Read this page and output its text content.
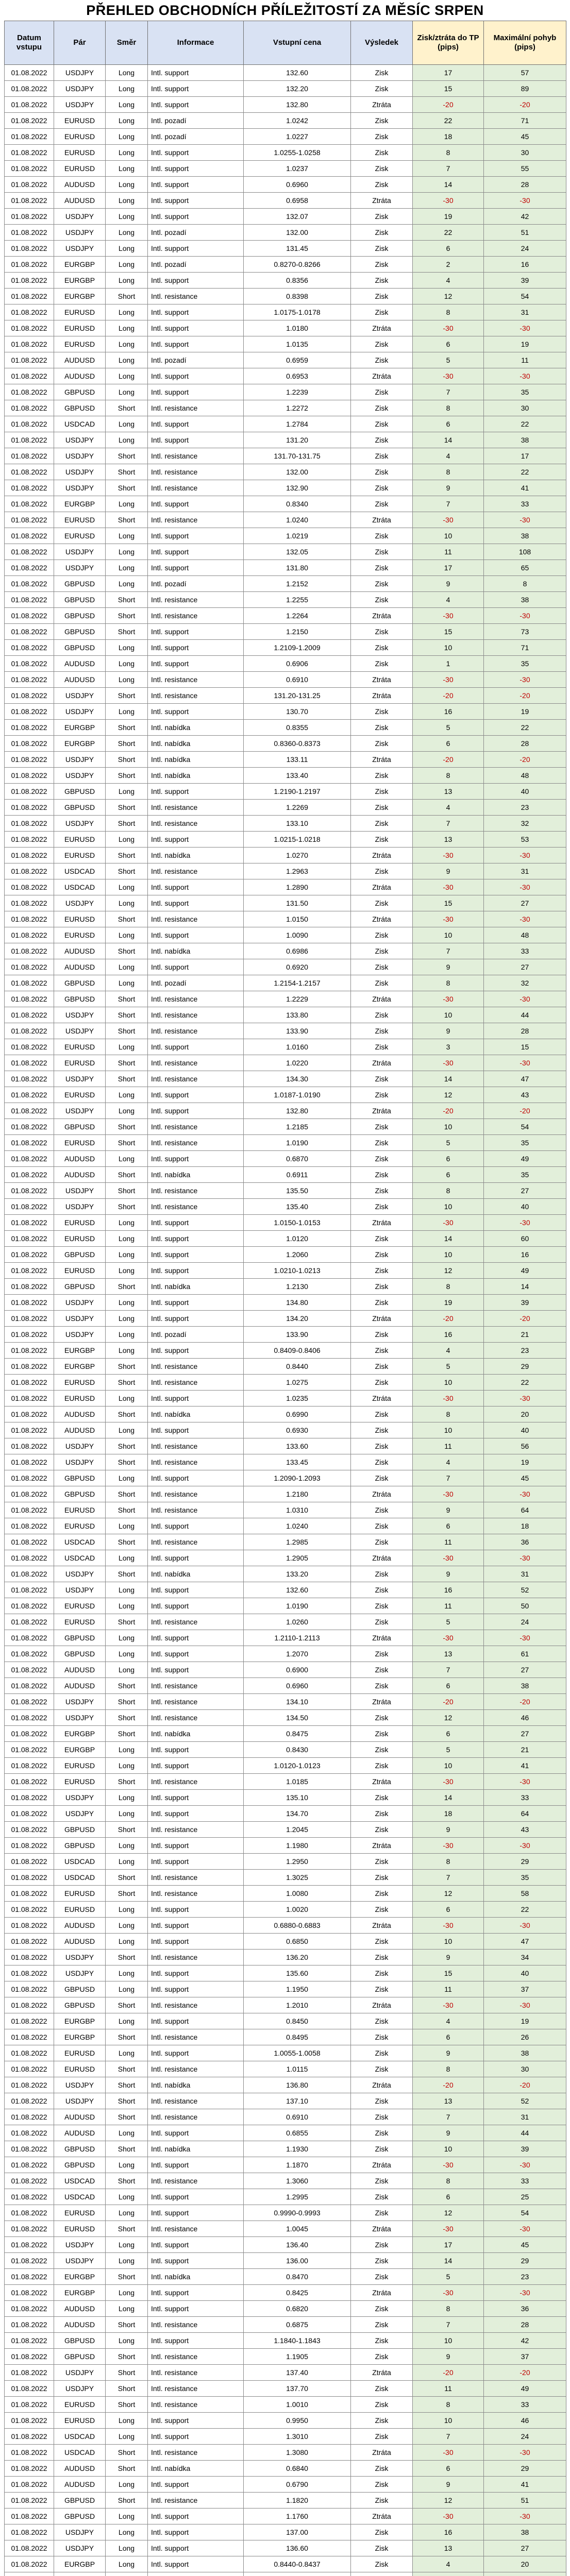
PŘEHLED OBCHODNÍCH PŘÍLEŽITOSTÍ ZA MĚSÍC SRPEN
Datum vstupu	Pár	Směr	Informace	Vstupní cena	Výsledek	Zisk/ztráta do TP (pips)	Maximální pohyb (pips)
01.08.2022	USDJPY	Long	Intl. support	132.60	Zisk	17	57
01.08.2022	USDJPY	Long	Intl. support	132.20	Zisk	15	89
01.08.2022	USDJPY	Long	Intl. support	132.80	Ztráta	-20	-20
01.08.2022	EURUSD	Long	Intl. pozadí	1.0242	Zisk	22	71
01.08.2022	EURUSD	Long	Intl. pozadí	1.0227	Zisk	18	45
01.08.2022	EURUSD	Long	Intl. support	1.0255-1.0258	Zisk	8	30
01.08.2022	EURUSD	Long	Intl. support	1.0237	Zisk	7	55
01.08.2022	AUDUSD	Long	Intl. support	0.6960	Zisk	14	28
01.08.2022	AUDUSD	Long	Intl. support	0.6958	Ztráta	-30	-30
01.08.2022	USDJPY	Long	Intl. support	132.07	Zisk	19	42
01.08.2022	USDJPY	Long	Intl. pozadí	132.00	Zisk	22	51
01.08.2022	USDJPY	Long	Intl. support	131.45	Zisk	6	24
01.08.2022	EURGBP	Long	Intl. pozadí	0.8270-0.8266	Zisk	2	16
01.08.2022	EURGBP	Long	Intl. support	0.8356	Zisk	4	39
01.08.2022	EURGBP	Short	Intl. resistance	0.8398	Zisk	12	54
01.08.2022	EURUSD	Long	Intl. support	1.0175-1.0178	Zisk	8	31
01.08.2022	EURUSD	Long	Intl. support	1.0180	Ztráta	-30	-30
01.08.2022	EURUSD	Long	Intl. support	1.0135	Zisk	6	19
01.08.2022	AUDUSD	Long	Intl. pozadí	0.6959	Zisk	5	11
01.08.2022	AUDUSD	Long	Intl. support	0.6953	Ztráta	-30	-30
01.08.2022	GBPUSD	Long	Intl. support	1.2239	Zisk	7	35
01.08.2022	GBPUSD	Short	Intl. resistance	1.2272	Zisk	8	30
01.08.2022	USDCAD	Long	Intl. support	1.2784	Zisk	6	22
01.08.2022	USDJPY	Long	Intl. support	131.20	Zisk	14	38
01.08.2022	USDJPY	Short	Intl. resistance	131.70-131.75	Zisk	4	17
01.08.2022	USDJPY	Short	Intl. resistance	132.00	Zisk	8	22
01.08.2022	USDJPY	Short	Intl. resistance	132.90	Zisk	9	41
01.08.2022	EURGBP	Long	Intl. support	0.8340	Zisk	7	33
01.08.2022	EURUSD	Short	Intl. resistance	1.0240	Ztráta	-30	-30
01.08.2022	EURUSD	Long	Intl. support	1.0219	Zisk	10	38
01.08.2022	USDJPY	Long	Intl. support	132.05	Zisk	11	108
01.08.2022	USDJPY	Long	Intl. support	131.80	Zisk	17	65
01.08.2022	GBPUSD	Long	Intl. pozadí	1.2152	Zisk	9	8
01.08.2022	GBPUSD	Short	Intl. resistance	1.2255	Zisk	4	38
01.08.2022	GBPUSD	Short	Intl. resistance	1.2264	Ztráta	-30	-30
01.08.2022	GBPUSD	Short	Intl. support	1.2150	Zisk	15	73
01.08.2022	GBPUSD	Long	Intl. support	1.2109-1.2009	Zisk	10	71
01.08.2022	AUDUSD	Long	Intl. support	0.6906	Zisk	1	35
01.08.2022	AUDUSD	Long	Intl. resistance	0.6910	Ztráta	-30	-30
01.08.2022	USDJPY	Short	Intl. resistance	131.20-131.25	Ztráta	-20	-20
01.08.2022	USDJPY	Long	Intl. support	130.70	Zisk	16	19
01.08.2022	EURGBP	Short	Intl. nabídka	0.8355	Zisk	5	22
01.08.2022	EURGBP	Short	Intl. nabídka	0.8360-0.8373	Zisk	6	28
01.08.2022	USDJPY	Short	Intl. nabídka	133.11	Ztráta	-20	-20
01.08.2022	USDJPY	Short	Intl. nabídka	133.40	Zisk	8	48
01.08.2022	GBPUSD	Long	Intl. support	1.2190-1.2197	Zisk	13	40
01.08.2022	GBPUSD	Short	Intl. resistance	1.2269	Zisk	4	23
01.08.2022	USDJPY	Short	Intl. resistance	133.10	Zisk	7	32
01.08.2022	EURUSD	Long	Intl. support	1.0215-1.0218	Zisk	13	53
01.08.2022	EURUSD	Short	Intl. nabídka	1.0270	Ztráta	-30	-30
01.08.2022	USDCAD	Short	Intl. resistance	1.2963	Zisk	9	31
01.08.2022	USDCAD	Long	Intl. support	1.2890	Ztráta	-30	-30
01.08.2022	USDJPY	Long	Intl. support	131.50	Zisk	15	27
01.08.2022	EURUSD	Short	Intl. resistance	1.0150	Ztráta	-30	-30
01.08.2022	EURUSD	Long	Intl. support	1.0090	Zisk	10	48
01.08.2022	AUDUSD	Short	Intl. nabídka	0.6986	Zisk	7	33
01.08.2022	AUDUSD	Long	Intl. support	0.6920	Zisk	9	27
01.08.2022	GBPUSD	Long	Intl. pozadí	1.2154-1.2157	Zisk	8	32
01.08.2022	GBPUSD	Short	Intl. resistance	1.2229	Ztráta	-30	-30
01.08.2022	USDJPY	Short	Intl. resistance	133.80	Zisk	10	44
01.08.2022	USDJPY	Short	Intl. resistance	133.90	Zisk	9	28
01.08.2022	EURUSD	Long	Intl. support	1.0160	Zisk	3	15
01.08.2022	EURUSD	Short	Intl. resistance	1.0220	Ztráta	-30	-30
01.08.2022	USDJPY	Short	Intl. resistance	134.30	Zisk	14	47
01.08.2022	EURUSD	Long	Intl. support	1.0187-1.0190	Zisk	12	43
01.08.2022	USDJPY	Long	Intl. support	132.80	Ztráta	-20	-20
01.08.2022	GBPUSD	Short	Intl. resistance	1.2185	Zisk	10	54
01.08.2022	EURUSD	Short	Intl. resistance	1.0190	Zisk	5	35
01.08.2022	AUDUSD	Long	Intl. support	0.6870	Zisk	6	49
01.08.2022	AUDUSD	Short	Intl. nabídka	0.6911	Zisk	6	35
01.08.2022	USDJPY	Short	Intl. resistance	135.50	Zisk	8	27
01.08.2022	USDJPY	Short	Intl. resistance	135.40	Zisk	10	40
01.08.2022	EURUSD	Long	Intl. support	1.0150-1.0153	Ztráta	-30	-30
01.08.2022	EURUSD	Long	Intl. support	1.0120	Zisk	14	60
01.08.2022	GBPUSD	Long	Intl. support	1.2060	Zisk	10	16
01.08.2022	EURUSD	Long	Intl. support	1.0210-1.0213	Zisk	12	49
01.08.2022	GBPUSD	Short	Intl. nabídka	1.2130	Zisk	8	14
01.08.2022	USDJPY	Long	Intl. support	134.80	Zisk	19	39
01.08.2022	USDJPY	Long	Intl. support	134.20	Ztráta	-20	-20
01.08.2022	USDJPY	Long	Intl. pozadí	133.90	Zisk	16	21
01.08.2022	EURGBP	Long	Intl. support	0.8409-0.8406	Zisk	4	23
01.08.2022	EURGBP	Short	Intl. resistance	0.8440	Zisk	5	29
01.08.2022	EURUSD	Short	Intl. resistance	1.0275	Zisk	10	22
01.08.2022	EURUSD	Long	Intl. support	1.0235	Ztráta	-30	-30
01.08.2022	AUDUSD	Short	Intl. nabídka	0.6990	Zisk	8	20
01.08.2022	AUDUSD	Long	Intl. support	0.6930	Zisk	10	40
01.08.2022	USDJPY	Short	Intl. resistance	133.60	Zisk	11	56
01.08.2022	USDJPY	Short	Intl. resistance	133.45	Zisk	4	19
01.08.2022	GBPUSD	Long	Intl. support	1.2090-1.2093	Zisk	7	45
01.08.2022	GBPUSD	Short	Intl. resistance	1.2180	Ztráta	-30	-30
01.08.2022	EURUSD	Short	Intl. resistance	1.0310	Zisk	9	64
01.08.2022	EURUSD	Long	Intl. support	1.0240	Zisk	6	18
01.08.2022	USDCAD	Short	Intl. resistance	1.2985	Zisk	11	36
01.08.2022	USDCAD	Long	Intl. support	1.2905	Ztráta	-30	-30
01.08.2022	USDJPY	Short	Intl. nabídka	133.20	Zisk	9	31
01.08.2022	USDJPY	Long	Intl. support	132.60	Zisk	16	52
01.08.2022	EURUSD	Long	Intl. support	1.0190	Zisk	11	50
01.08.2022	EURUSD	Short	Intl. resistance	1.0260	Zisk	5	24
01.08.2022	GBPUSD	Long	Intl. support	1.2110-1.2113	Ztráta	-30	-30
01.08.2022	GBPUSD	Long	Intl. support	1.2070	Zisk	13	61
01.08.2022	AUDUSD	Long	Intl. support	0.6900	Zisk	7	27
01.08.2022	AUDUSD	Short	Intl. resistance	0.6960	Zisk	6	38
01.08.2022	USDJPY	Short	Intl. resistance	134.10	Ztráta	-20	-20
01.08.2022	USDJPY	Short	Intl. resistance	134.50	Zisk	12	46
01.08.2022	EURGBP	Short	Intl. nabídka	0.8475	Zisk	6	27
01.08.2022	EURGBP	Long	Intl. support	0.8430	Zisk	5	21
01.08.2022	EURUSD	Long	Intl. support	1.0120-1.0123	Zisk	10	41
01.08.2022	EURUSD	Short	Intl. resistance	1.0185	Ztráta	-30	-30
01.08.2022	USDJPY	Long	Intl. support	135.10	Zisk	14	33
01.08.2022	USDJPY	Long	Intl. support	134.70	Zisk	18	64
01.08.2022	GBPUSD	Short	Intl. resistance	1.2045	Zisk	9	43
01.08.2022	GBPUSD	Long	Intl. support	1.1980	Ztráta	-30	-30
01.08.2022	USDCAD	Long	Intl. support	1.2950	Zisk	8	29
01.08.2022	USDCAD	Short	Intl. resistance	1.3025	Zisk	7	35
01.08.2022	EURUSD	Short	Intl. resistance	1.0080	Zisk	12	58
01.08.2022	EURUSD	Long	Intl. support	1.0020	Zisk	6	22
01.08.2022	AUDUSD	Long	Intl. support	0.6880-0.6883	Ztráta	-30	-30
01.08.2022	AUDUSD	Long	Intl. support	0.6850	Zisk	10	47
01.08.2022	USDJPY	Short	Intl. resistance	136.20	Zisk	9	34
01.08.2022	USDJPY	Long	Intl. support	135.60	Zisk	15	40
01.08.2022	GBPUSD	Long	Intl. support	1.1950	Zisk	11	37
01.08.2022	GBPUSD	Short	Intl. resistance	1.2010	Ztráta	-30	-30
01.08.2022	EURGBP	Long	Intl. support	0.8450	Zisk	4	19
01.08.2022	EURGBP	Short	Intl. resistance	0.8495	Zisk	6	26
01.08.2022	EURUSD	Long	Intl. support	1.0055-1.0058	Zisk	9	38
01.08.2022	EURUSD	Short	Intl. resistance	1.0115	Zisk	8	30
01.08.2022	USDJPY	Short	Intl. nabídka	136.80	Ztráta	-20	-20
01.08.2022	USDJPY	Short	Intl. resistance	137.10	Zisk	13	52
01.08.2022	AUDUSD	Short	Intl. resistance	0.6910	Zisk	7	31
01.08.2022	AUDUSD	Long	Intl. support	0.6855	Zisk	9	44
01.08.2022	GBPUSD	Short	Intl. nabídka	1.1930	Zisk	10	39
01.08.2022	GBPUSD	Long	Intl. support	1.1870	Ztráta	-30	-30
01.08.2022	USDCAD	Short	Intl. resistance	1.3060	Zisk	8	33
01.08.2022	USDCAD	Long	Intl. support	1.2995	Zisk	6	25
01.08.2022	EURUSD	Long	Intl. support	0.9990-0.9993	Zisk	12	54
01.08.2022	EURUSD	Short	Intl. resistance	1.0045	Ztráta	-30	-30
01.08.2022	USDJPY	Long	Intl. support	136.40	Zisk	17	45
01.08.2022	USDJPY	Long	Intl. support	136.00	Zisk	14	29
01.08.2022	EURGBP	Short	Intl. nabídka	0.8470	Zisk	5	23
01.08.2022	EURGBP	Long	Intl. support	0.8425	Ztráta	-30	-30
01.08.2022	AUDUSD	Long	Intl. support	0.6820	Zisk	8	36
01.08.2022	AUDUSD	Short	Intl. resistance	0.6875	Zisk	7	28
01.08.2022	GBPUSD	Long	Intl. support	1.1840-1.1843	Zisk	10	42
01.08.2022	GBPUSD	Short	Intl. resistance	1.1905	Zisk	9	37
01.08.2022	USDJPY	Short	Intl. resistance	137.40	Ztráta	-20	-20
01.08.2022	USDJPY	Short	Intl. resistance	137.70	Zisk	11	49
01.08.2022	EURUSD	Short	Intl. resistance	1.0010	Zisk	8	33
01.08.2022	EURUSD	Long	Intl. support	0.9950	Zisk	10	46
01.08.2022	USDCAD	Long	Intl. support	1.3010	Zisk	7	24
01.08.2022	USDCAD	Short	Intl. resistance	1.3080	Ztráta	-30	-30
01.08.2022	AUDUSD	Short	Intl. nabídka	0.6840	Zisk	6	29
01.08.2022	AUDUSD	Long	Intl. support	0.6790	Zisk	9	41
01.08.2022	GBPUSD	Short	Intl. resistance	1.1820	Zisk	12	51
01.08.2022	GBPUSD	Long	Intl. support	1.1760	Ztráta	-30	-30
01.08.2022	USDJPY	Long	Intl. support	137.00	Zisk	16	38
01.08.2022	USDJPY	Long	Intl. support	136.60	Zisk	13	27
01.08.2022	EURGBP	Long	Intl. support	0.8440-0.8437	Zisk	4	20
